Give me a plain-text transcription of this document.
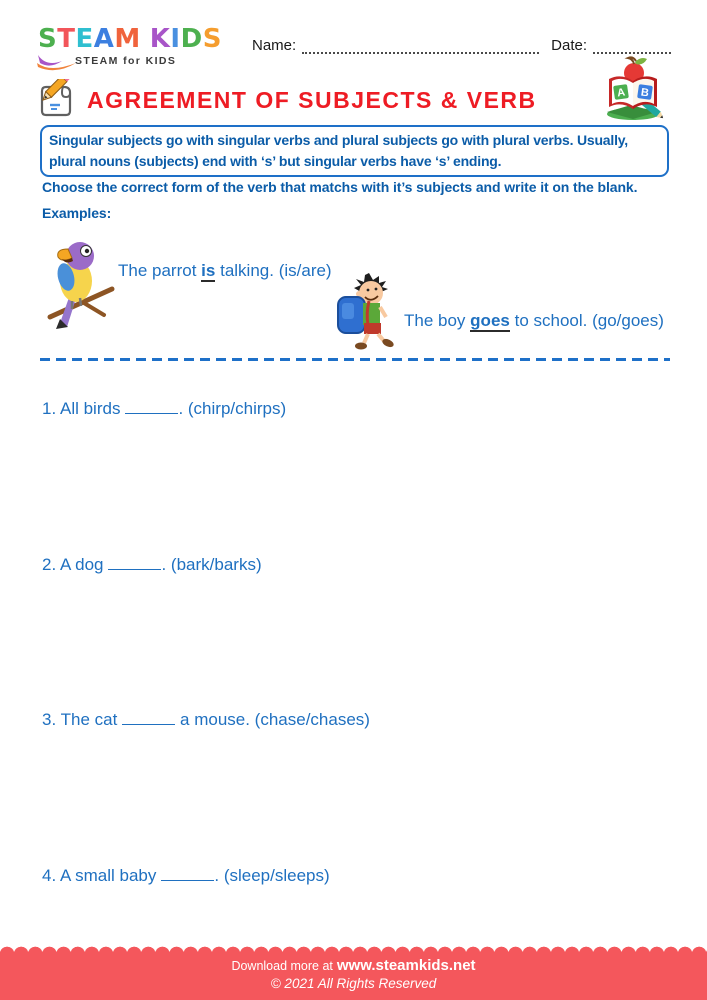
STEAM KIDS
STEAM for KIDS
Name:	Date:
AGREEMENT OF SUBJECTS & VERB	A B
Singular subjects go with singular verbs and plural subjects go with plural verbs. Usually, plural nouns (subjects) end with ‘s’ but singular verbs have ‘s’ ending.
Choose the correct form of the verb that matchs with it’s subjects and write it on the blank.
Examples:
The parrot is talking. (is/are)
The boy goes to school. (go/goes)
1. All birds	. (chirp/chirps)
2. A dog	. (bark/barks)
3. The cat	a mouse. (chase/chases)
4. A small baby	. (sleep/sleeps)
Download more at www.steamkids.net
© 2021 All Rights Reserved
